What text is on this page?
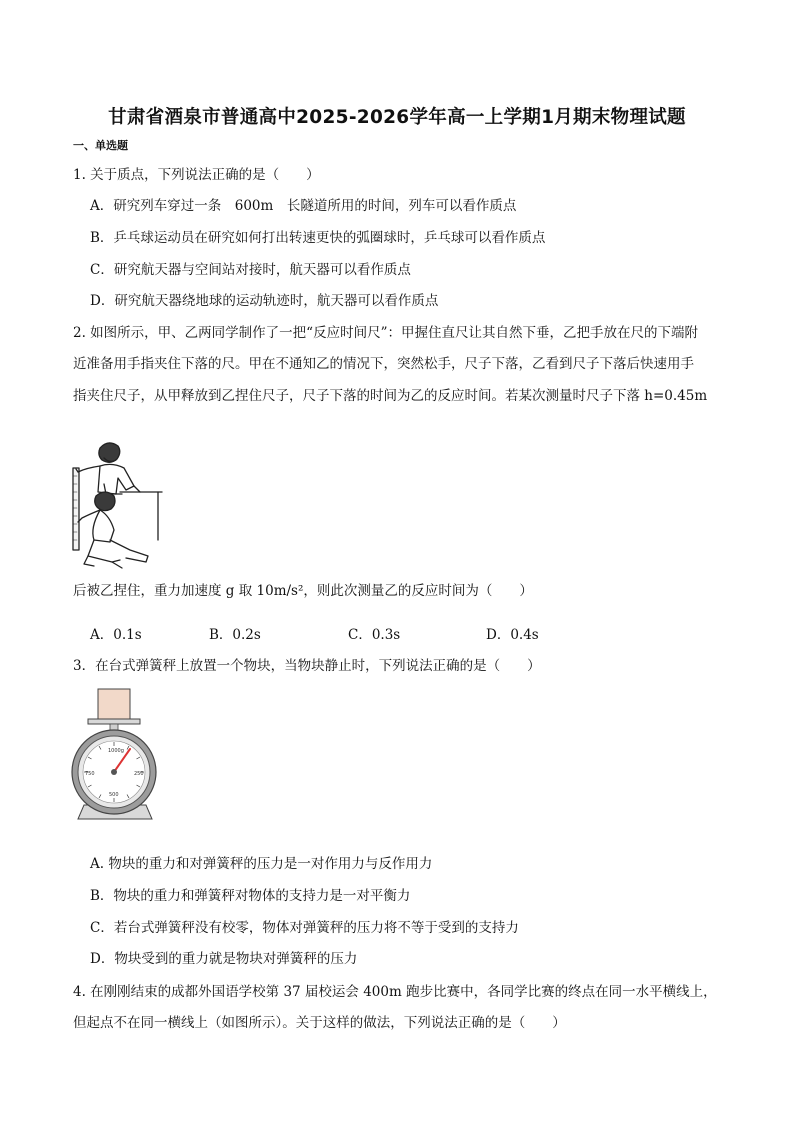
甘肃省酒泉市普通高中2025-2026学年高一上学期1月期末物理试题
一、单选题
1. 关于质点，下列说法正确的是（　　）
A．研究列车穿过一条　600m　长隧道所用的时间，列车可以看作质点
B．乒乓球运动员在研究如何打出转速更快的弧圈球时，乒乓球可以看作质点
C．研究航天器与空间站对接时，航天器可以看作质点
D．研究航天器绕地球的运动轨迹时，航天器可以看作质点
2. 如图所示，甲、乙两同学制作了一把“反应时间尺”：甲握住直尺让其自然下垂，乙把手放在尺的下端附
近准备用手指夹住下落的尺。甲在不通知乙的情况下，突然松手，尺子下落，乙看到尺子下落后快速用手
指夹住尺子，从甲释放到乙捏住尺子，尺子下落的时间为乙的反应时间。若某次测量时尺子下落 h=0.45m
后被乙捏住，重力加速度 g 取 10m/s²，则此次测量乙的反应时间为（　　）
A．0.1s	B．0.2s	C．0.3s	D．0.4s
3．在台式弹簧秤上放置一个物块，当物块静止时，下列说法正确的是（　　）
1000g
750	250
500
A. 物块的重力和对弹簧秤的压力是一对作用力与反作用力
B．物块的重力和弹簧秤对物体的支持力是一对平衡力
C．若台式弹簧秤没有校零，物体对弹簧秤的压力将不等于受到的支持力
D．物块受到的重力就是物块对弹簧秤的压力
4. 在刚刚结束的成都外国语学校第 37 届校运会 400m 跑步比赛中，各同学比赛的终点在同一水平横线上，
但起点不在同一横线上（如图所示）。关于这样的做法，下列说法正确的是（　　）
